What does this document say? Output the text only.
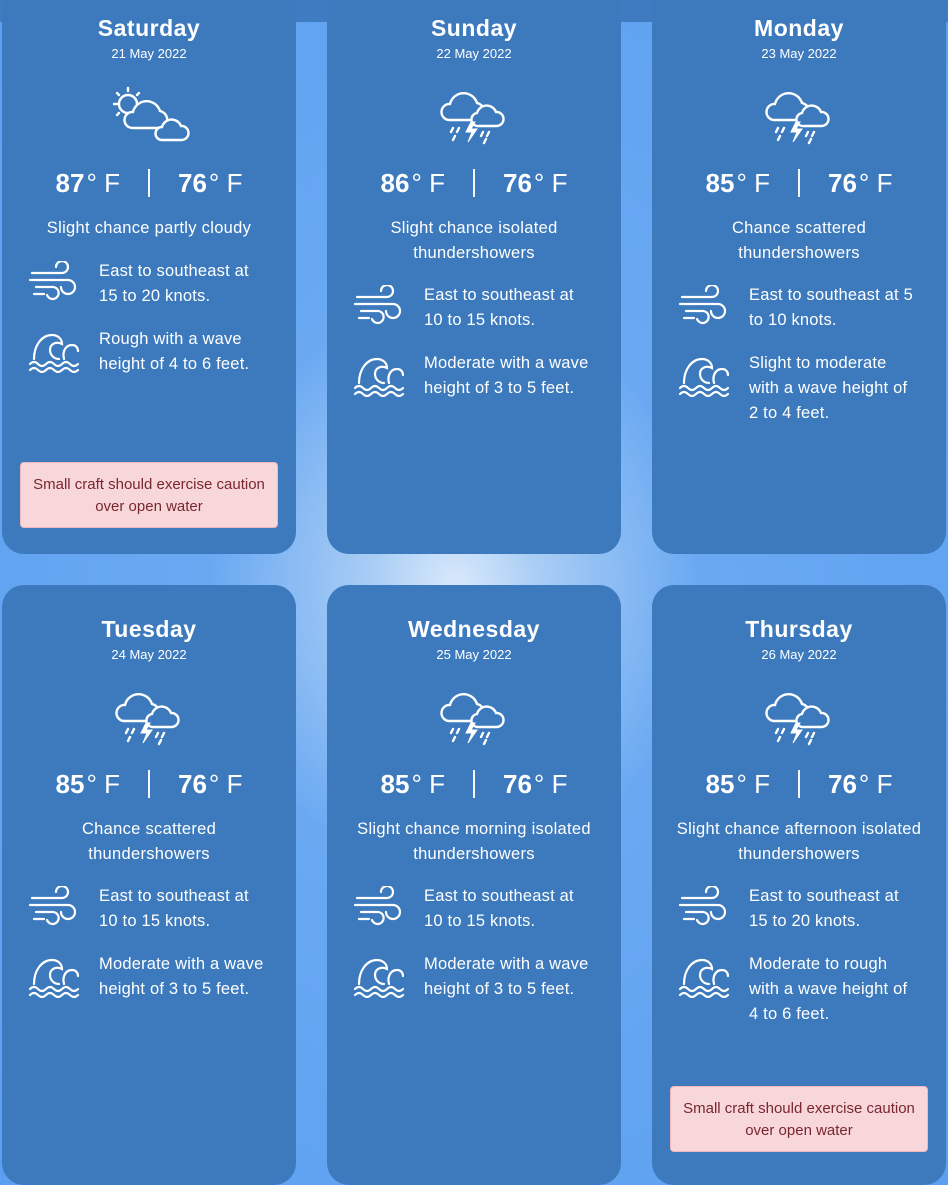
Saturday
21 May 2022
87 ° F 76 ° F
Slight chance partly cloudy
East to southeast at 15 to 20 knots.
Rough with a wave height of 4 to 6 feet.
Small craft should exercise caution over open water
Sunday
22 May 2022
86 ° F 76 ° F
Slight chance isolated thundershowers
East to southeast at 10 to 15 knots.
Moderate with a wave height of 3 to 5 feet.
Monday
23 May 2022
85 ° F 76 ° F
Chance scattered thundershowers
East to southeast at 5 to 10 knots.
Slight to moderate with a wave height of 2 to 4 feet.
Tuesday
24 May 2022
85 ° F 76 ° F
Chance scattered thundershowers
East to southeast at 10 to 15 knots.
Moderate with a wave height of 3 to 5 feet.
Wednesday
25 May 2022
85 ° F 76 ° F
Slight chance morning isolated thundershowers
East to southeast at 10 to 15 knots.
Moderate with a wave height of 3 to 5 feet.
Thursday
26 May 2022
85 ° F 76 ° F
Slight chance afternoon isolated thundershowers
East to southeast at 15 to 20 knots.
Moderate to rough with a wave height of 4 to 6 feet.
Small craft should exercise caution over open water
